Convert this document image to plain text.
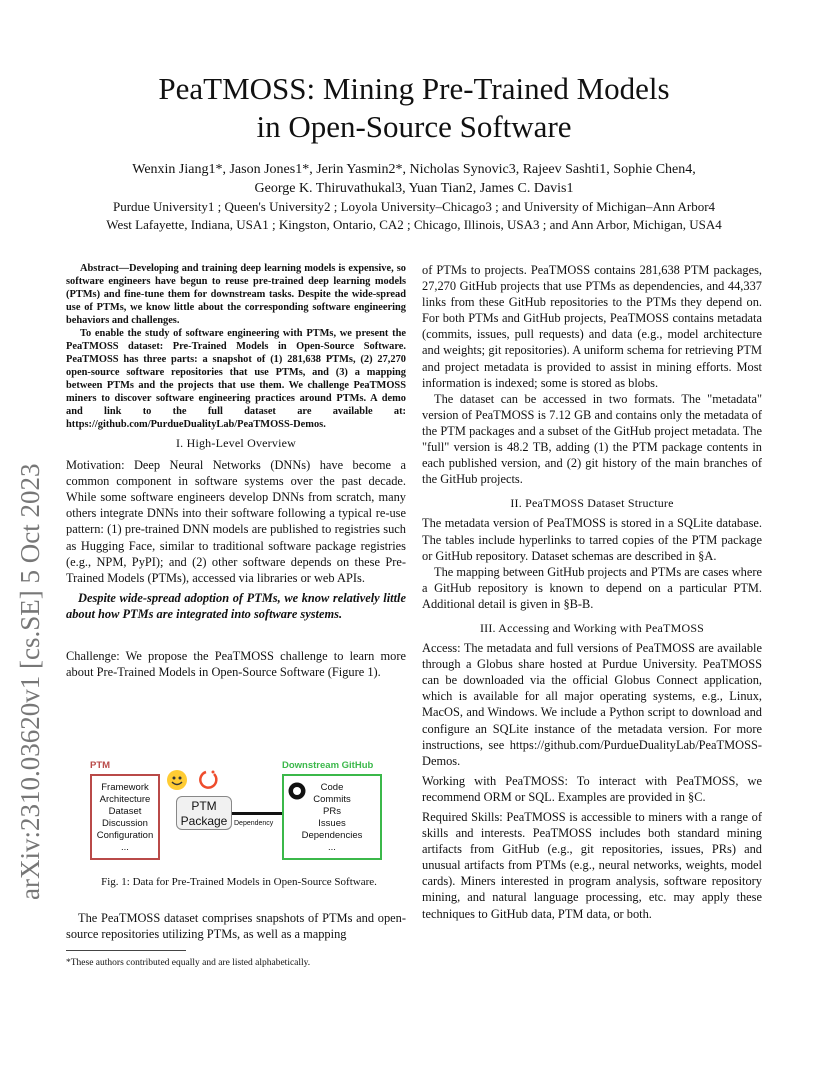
PeaTMOSS: Mining Pre-Trained Models in Open-Source Software
Wenxin Jiang1*, Jason Jones1*, Jerin Yasmin2*, Nicholas Synovic3, Rajeev Sashti1, Sophie Chen4,
George K. Thiruvathukal3, Yuan Tian2, James C. Davis1
Purdue University1 ; Queen's University2 ; Loyola University–Chicago3 ; and University of Michigan–Ann Arbor4
West Lafayette, Indiana, USA1 ; Kingston, Ontario, CA2 ; Chicago, Illinois, USA3 ; and Ann Arbor, Michigan, USA4
arXiv:2310.03620v1 [cs.SE] 5 Oct 2023

Abstract—Developing and training deep learning models is expensive, so software engineers have begun to reuse pre-trained deep learning models (PTMs) and fine-tune them for downstream tasks. Despite the wide-spread use of PTMs, we know little about the corresponding software engineering behaviors and challenges.

To enable the study of software engineering with PTMs, we present the PeaTMOSS dataset: Pre-Trained Models in Open-Source Software. PeaTMOSS has three parts: a snapshot of (1) 281,638 PTMs, (2) 27,270 open-source software repositories that use PTMs, and (3) a mapping between PTMs and the projects that use them. We challenge PeaTMOSS miners to discover software engineering practices around PTMs. A demo and link to the full dataset are available at: https://github.com/PurdueDualityLab/PeaTMOSS-Demos.

I. High-Level Overview

Motivation: Deep Neural Networks (DNNs) have become a common component in software systems over the past decade. While some software engineers develop DNNs from scratch, many others integrate DNNs into their software following a typical re-use pattern: (1) pre-trained DNN models are published to registries such as Hugging Face, similar to traditional software package registries (e.g., NPM, PyPI); and (2) other software depends on these Pre-Trained Models (PTMs), accessed via libraries or web APIs.

Despite wide-spread adoption of PTMs, we know relatively little about how PTMs are integrated into software systems.

Challenge: We propose the PeaTMOSS challenge to learn more about Pre-Trained Models in Open-Source Software (Figure 1).

PTM
Framework
Architecture
Dataset
Discussion
Configuration
...
PTM
Package Dependency
Downstream GitHub
Code
Commits
PRs
Issues
Dependencies
...
Fig. 1: Data for Pre-Trained Models in Open-Source Software.
The PeaTMOSS dataset comprises snapshots of PTMs and open-source repositories utilizing PTMs, as well as a mapping
*These authors contributed equally and are listed alphabetically.

of PTMs to projects. PeaTMOSS contains 281,638 PTM packages, 27,270 GitHub projects that use PTMs as dependencies, and 44,337 links from these GitHub repositories to the PTMs they depend on. For both PTMs and GitHub projects, PeaTMOSS contains metadata (commits, issues, pull requests) and data (e.g., model architecture and weights; git repositories). A uniform schema for retrieving PTM and project metadata is provided to assist in mining efforts. Most information is indexed; some is stored as blobs.

The dataset can be accessed in two formats. The "metadata" version of PeaTMOSS is 7.12 GB and contains only the metadata of the PTM packages and a subset of the GitHub project metadata. The "full" version is 48.2 TB, adding (1) the PTM package contents in each published version, and (2) git history of the main branches of the GitHub projects.

II. PeaTMOSS Dataset Structure

The metadata version of PeaTMOSS is stored in a SQLite database. The tables include hyperlinks to tarred copies of the PTM package or GitHub repository. Dataset schemas are described in §A.

The mapping between GitHub projects and PTMs are cases where a GitHub repository is known to depend on a particular PTM. Additional detail is given in §B-B.

III. Accessing and Working with PeaTMOSS

Access: The metadata and full versions of PeaTMOSS are available through a Globus share hosted at Purdue University. PeaTMOSS can be downloaded via the official Globus Connect application, which is available for all major operating systems, e.g., Linux, MacOS, and Windows. We include a Python script to download and configure an SQLite instance of the metadata version. For more instructions, see https://github.com/PurdueDualityLab/PeaTMOSS-Demos.

Working with PeaTMOSS: To interact with PeaTMOSS, we recommend ORM or SQL. Examples are provided in §C.

Required Skills: PeaTMOSS is accessible to miners with a range of skills and interests. PeaTMOSS includes both standard mining artifacts from GitHub (e.g., git repositories, issues, PRs) and unusual artifacts from PTMs (e.g., neural networks, weights, model cards). Miners interested in program analysis, software repository mining, and natural language processing, etc. may apply these techniques to GitHub data, PTM data, or both.
